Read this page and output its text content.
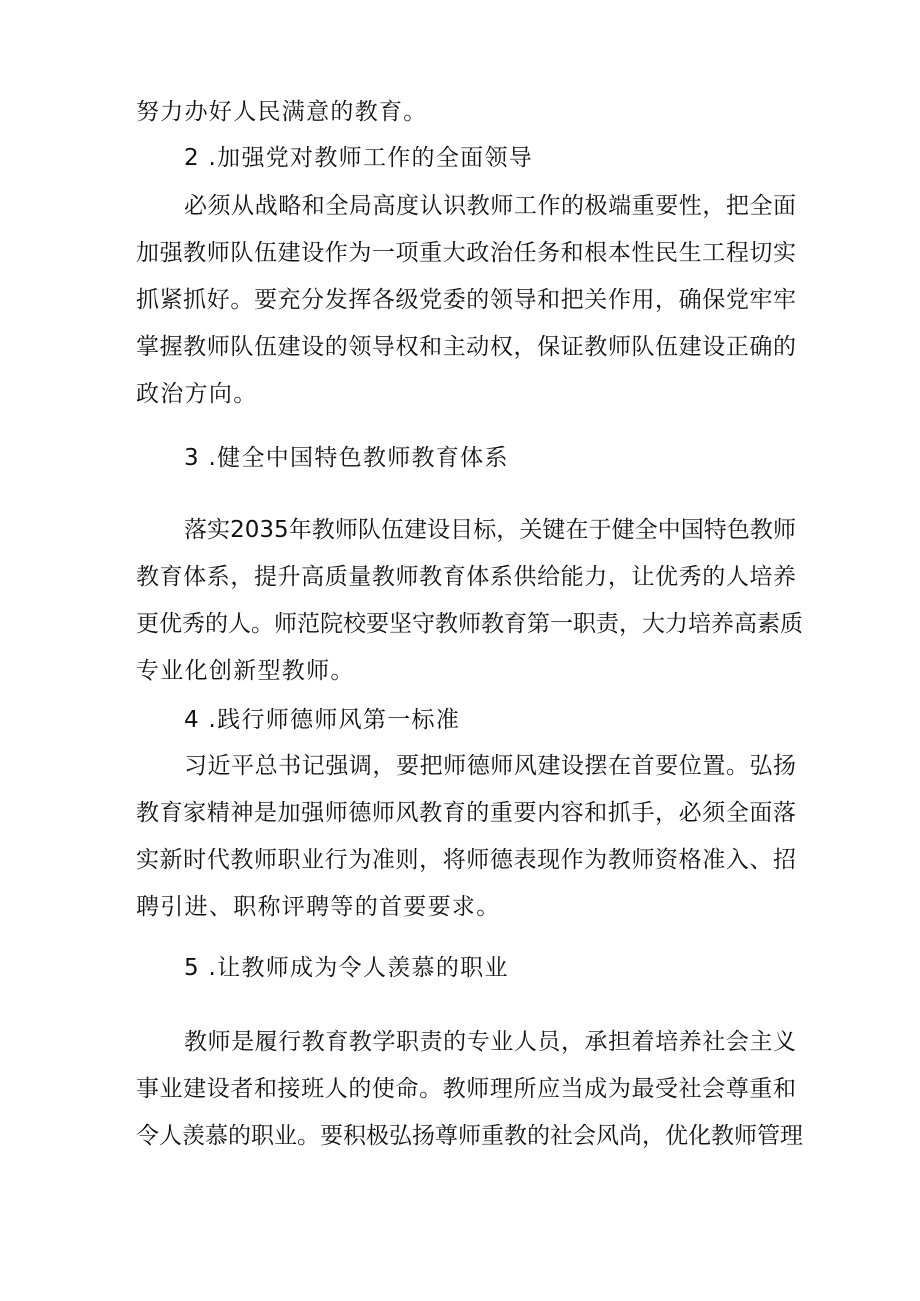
努力办好人民满意的教育。
2 .加强党对教师工作的全面领导
必须从战略和全局高度认识教师工作的极端重要性，把全面
加强教师队伍建设作为一项重大政治任务和根本性民生工程切实
抓紧抓好。要充分发挥各级党委的领导和把关作用，确保党牢牢
掌握教师队伍建设的领导权和主动权，保证教师队伍建设正确的
政治方向。
3 .健全中国特色教师教育体系
落实2035年教师队伍建设目标，关键在于健全中国特色教师
教育体系，提升高质量教师教育体系供给能力，让优秀的人培养
更优秀的人。师范院校要坚守教师教育第一职责，大力培养高素质
专业化创新型教师。
4 .践行师德师风第一标准
习近平总书记强调，要把师德师风建设摆在首要位置。弘扬
教育家精神是加强师德师风教育的重要内容和抓手，必须全面落
实新时代教师职业行为准则，将师德表现作为教师资格准入、招
聘引进、职称评聘等的首要要求。
5 .让教师成为令人羡慕的职业
教师是履行教育教学职责的专业人员，承担着培养社会主义
事业建设者和接班人的使命。教师理所应当成为最受社会尊重和
令人羡慕的职业。要积极弘扬尊师重教的社会风尚，优化教师管理
